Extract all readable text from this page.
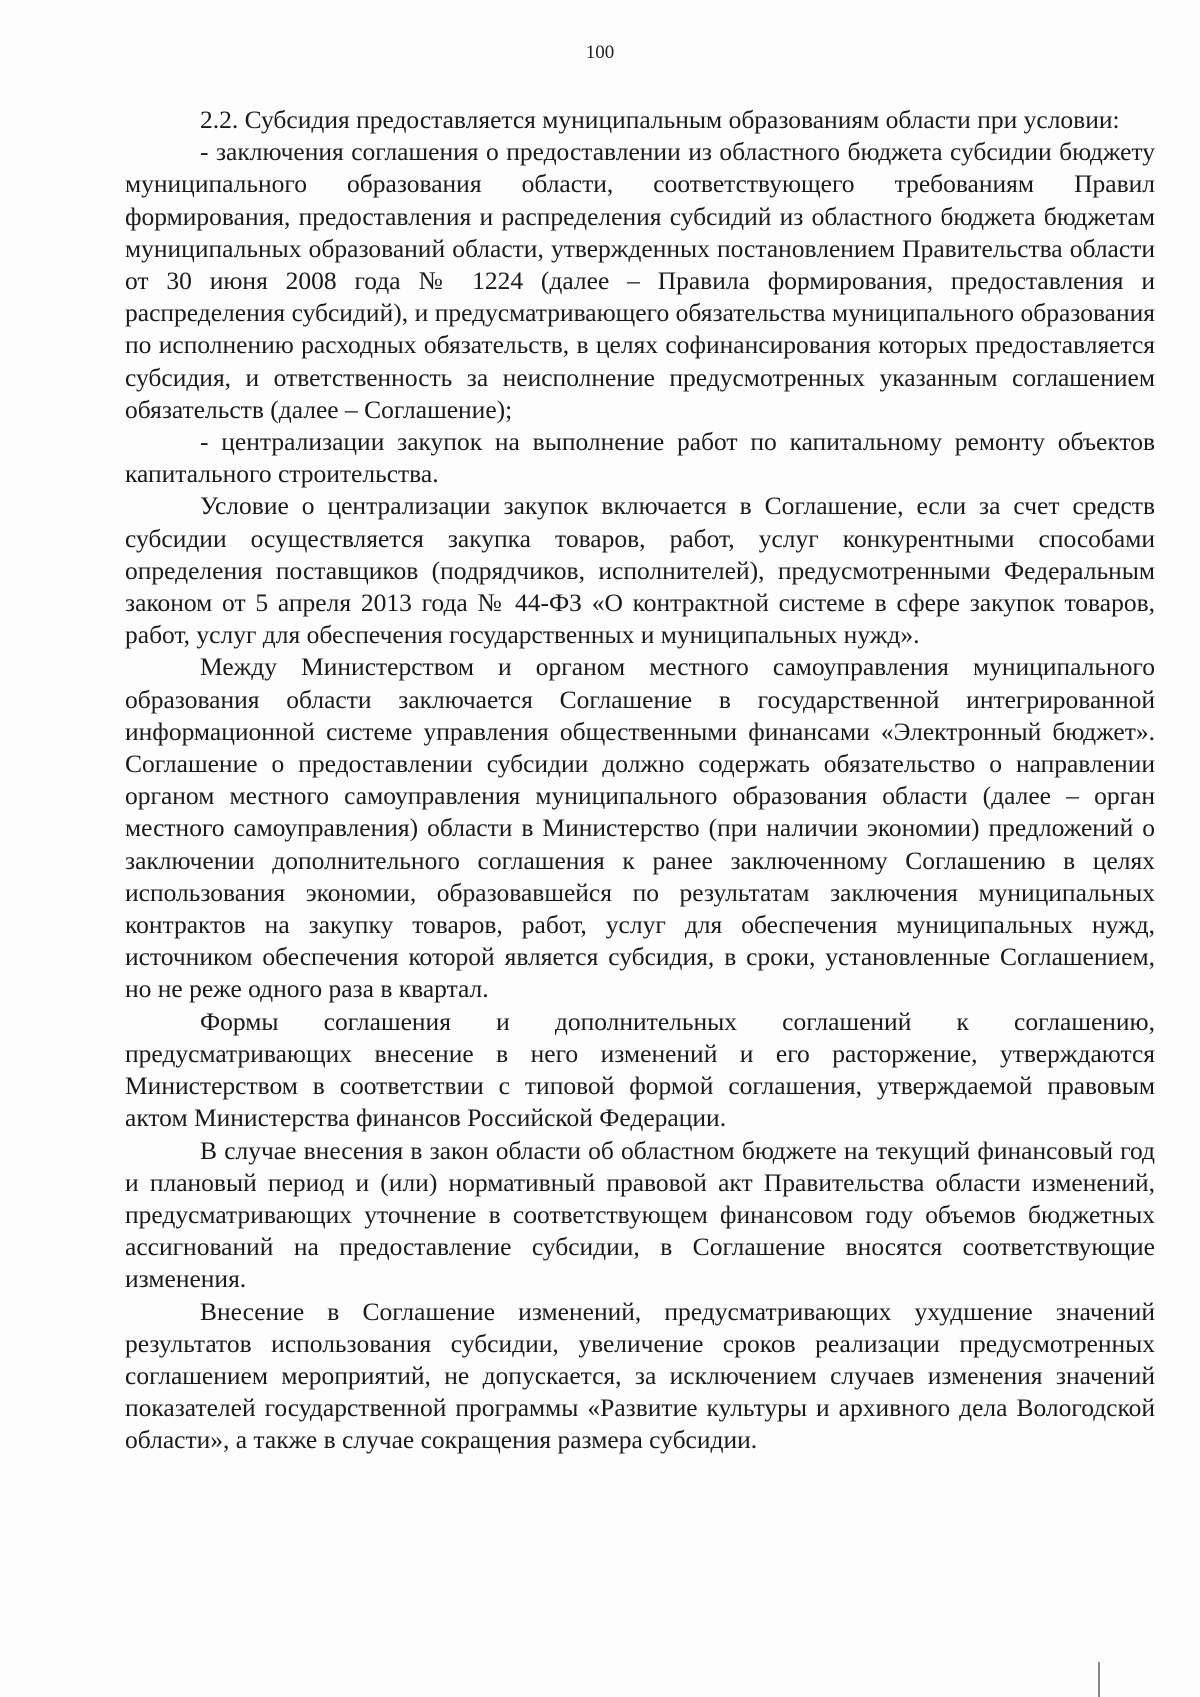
100

2.2. Субсидия предоставляется муниципальным образованиям области при условии:

- заключения соглашения о предоставлении из областного бюджета субсидии бюджету муниципального образования области, соответствующего требованиям Правил формирования, предоставления и распределения субсидий из областного бюджета бюджетам муниципальных образований области, утвержденных постановлением Правительства области от 30 июня 2008 года № 1224 (далее – Правила формирования, предоставления и распределения субсидий), и предусматривающего обязательства муниципального образования по исполнению расходных обязательств, в целях софинансирования которых предоставляется субсидия, и ответственность за неисполнение предусмотренных указанным соглашением обязательств (далее – Соглашение);

- централизации закупок на выполнение работ по капитальному ремонту объектов капитального строительства.

Условие о централизации закупок включается в Соглашение, если за счет средств субсидии осуществляется закупка товаров, работ, услуг конкурентными способами определения поставщиков (подрядчиков, исполнителей), предусмотренными Федеральным законом от 5 апреля 2013 года № 44-ФЗ «О контрактной системе в сфере закупок товаров, работ, услуг для обеспечения государственных и муниципальных нужд».

Между Министерством и органом местного самоуправления муниципального образования области заключается Соглашение в государственной интегрированной информационной системе управления общественными финансами «Электронный бюджет». Соглашение о предоставлении субсидии должно содержать обязательство о направлении органом местного самоуправления муниципального образования области (далее – орган местного самоуправления) области в Министерство (при наличии экономии) предложений о заключении дополнительного соглашения к ранее заключенному Соглашению в целях использования экономии, образовавшейся по результатам заключения муниципальных контрактов на закупку товаров, работ, услуг для обеспечения муниципальных нужд, источником обеспечения которой является субсидия, в сроки, установленные Соглашением, но не реже одного раза в квартал.

Формы соглашения и дополнительных соглашений к соглашению, предусматривающих внесение в него изменений и его расторжение, утверждаются Министерством в соответствии с типовой формой соглашения, утверждаемой правовым актом Министерства финансов Российской Федерации.

В случае внесения в закон области об областном бюджете на текущий финансовый год и плановый период и (или) нормативный правовой акт Правительства области изменений, предусматривающих уточнение в соответствующем финансовом году объемов бюджетных ассигнований на предоставление субсидии, в Соглашение вносятся соответствующие изменения.

Внесение в Соглашение изменений, предусматривающих ухудшение значений результатов использования субсидии, увеличение сроков реализации предусмотренных соглашением мероприятий, не допускается, за исключением случаев изменения значений показателей государственной программы «Развитие культуры и архивного дела Вологодской области», а также в случае сокращения размера субсидии.
